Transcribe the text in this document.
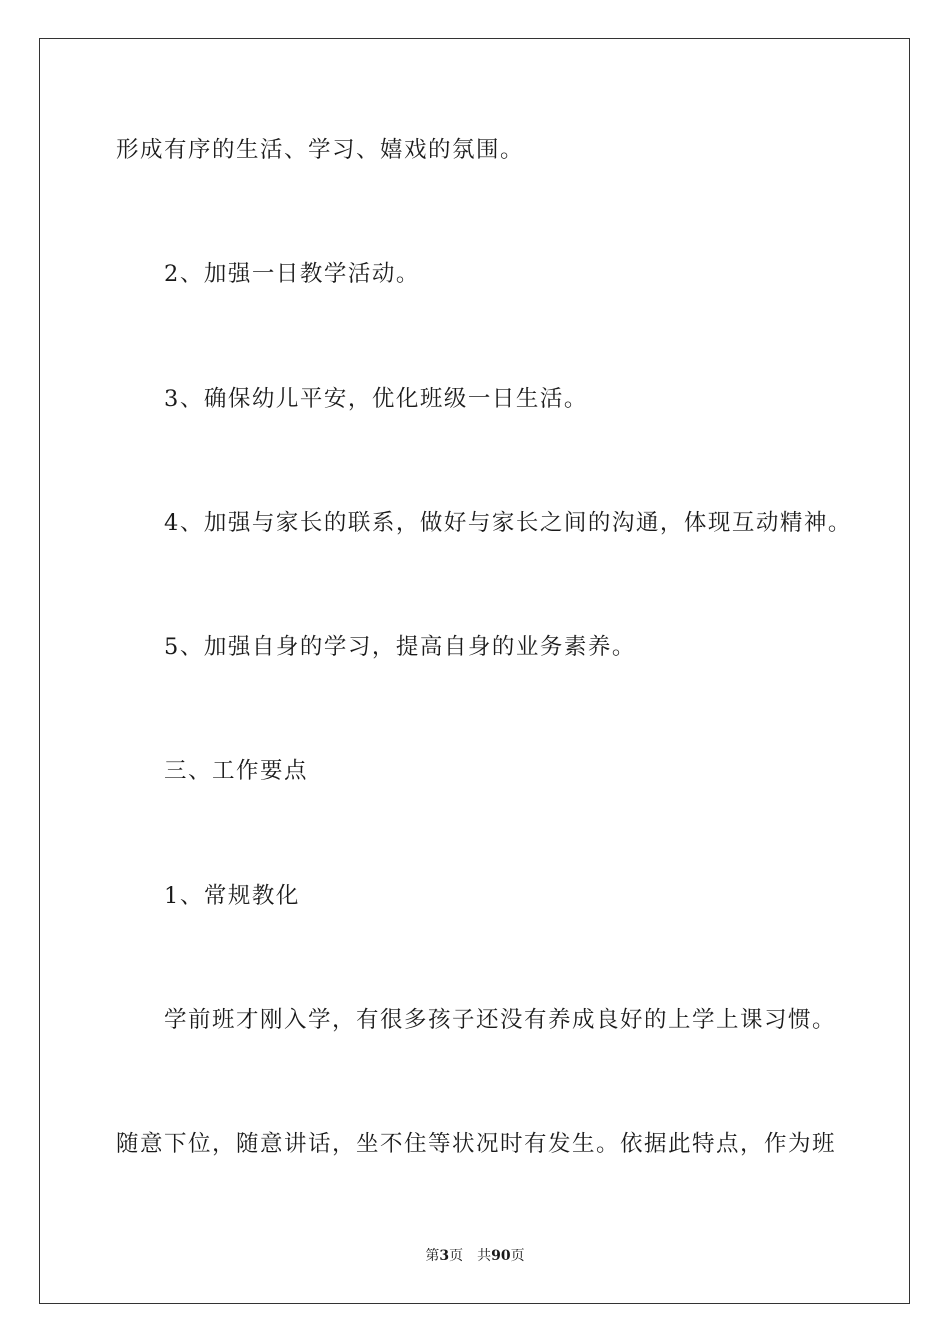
形成有序的生活、学习、嬉戏的氛围。
2、加强一日教学活动。
3、确保幼儿平安，优化班级一日生活。
4、加强与家长的联系，做好与家长之间的沟通，体现互动精神。
5、加强自身的学习，提高自身的业务素养。
三、工作要点
1、常规教化
学前班才刚入学，有很多孩子还没有养成良好的上学上课习惯。
随意下位，随意讲话，坐不住等状况时有发生。依据此特点，作为班
第3页 共90页
